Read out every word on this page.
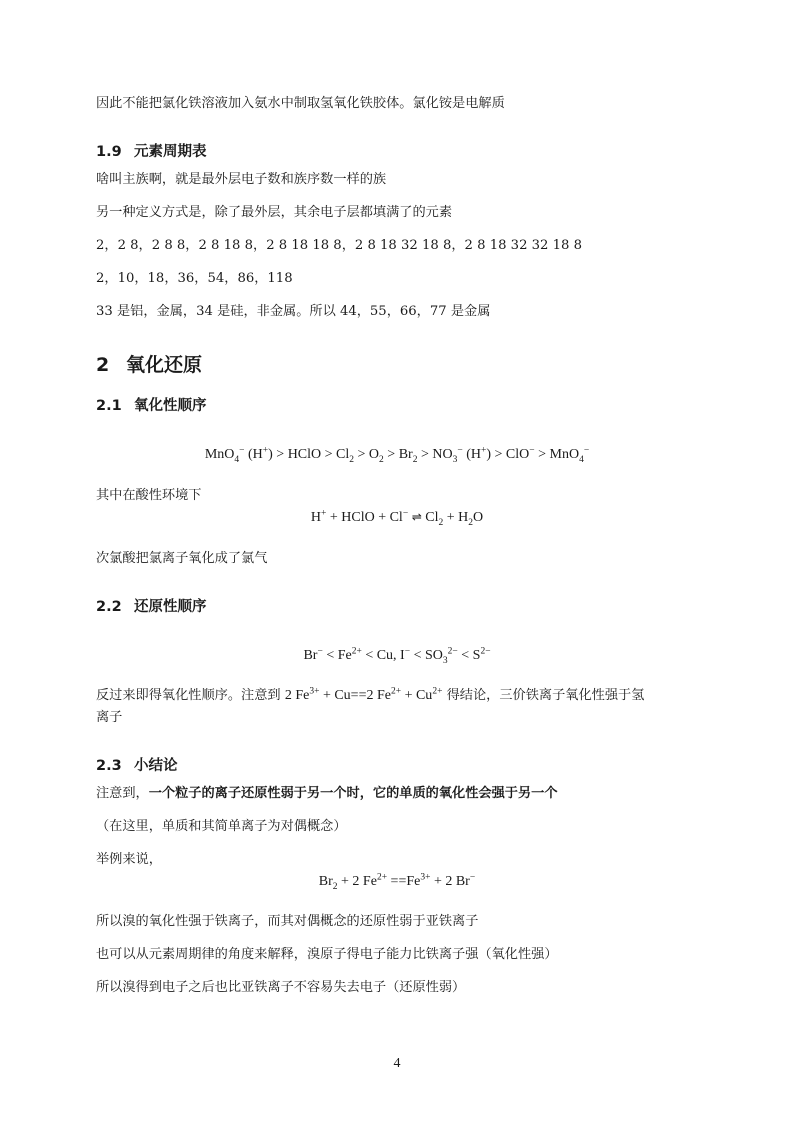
因此不能把氯化铁溶液加入氨水中制取氢氧化铁胶体。氯化铵是电解质
1.9 元素周期表
啥叫主族啊，就是最外层电子数和族序数一样的族
另一种定义方式是，除了最外层，其余电子层都填满了的元素
2，2 8，2 8 8，2 8 18 8，2 8 18 18 8，2 8 18 32 18 8，2 8 18 32 32 18 8
2，10，18，36，54，86，118
33 是铝，金属，34 是硅，非金属。所以 44，55，66，77 是金属
2 氧化还原
2.1 氧化性顺序
MnO$_4$− (H+) > HClO > $Cl_2 > O_2 > Br_2 > NO_3^-$ (H+) > ClO− > MnO$_4$−
其中在酸性环境下
H+ + HClO + Cl− ⇌ $Cl_2 + H_2O$
次氯酸把氯离子氧化成了氯气
2.2 还原性顺序
$Br^- < Fe^{2+} < Cu$, $I^- < SO_3^{2-} < S^{2-}$
反过来即得氧化性顺序。注意到 2 $Fe^{3+} + Cu==2$ $Fe^{2+} + Cu^{2+}$ 得结论，三价铁离子氧化性强于氢
离子
2.3 小结论
注意到，一个粒子的离子还原性弱于另一个时，它的单质的氧化性会强于另一个
（在这里，单质和其简单离子为对偶概念）
举例来说，
$Br_2 + 2$ $Fe^{2+} ==Fe^{3+} + 2$ Br−
所以溴的氧化性强于铁离子，而其对偶概念的还原性弱于亚铁离子
也可以从元素周期律的角度来解释，溴原子得电子能力比铁离子强（氧化性强）
所以溴得到电子之后也比亚铁离子不容易失去电子（还原性弱）
4
